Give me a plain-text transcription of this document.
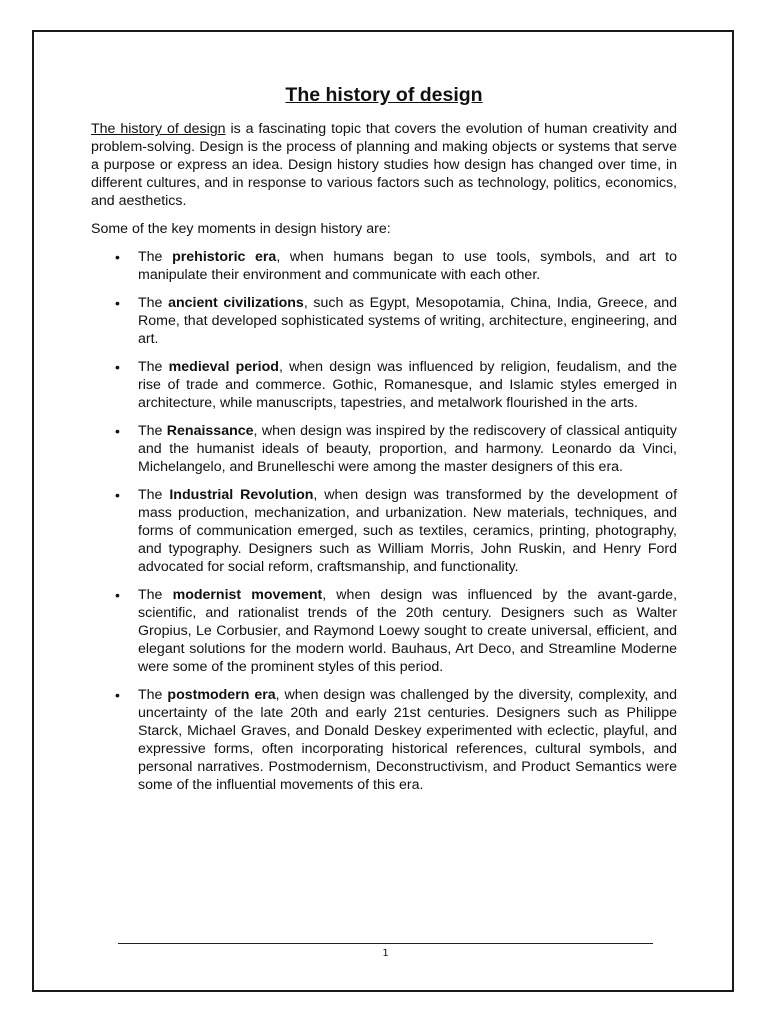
The history of design

The history of design is a fascinating topic that covers the evolution of human creativity and problem-solving. Design is the process of planning and making objects or systems that serve a purpose or express an idea. Design history studies how design has changed over time, in different cultures, and in response to various factors such as technology, politics, economics, and aesthetics.

Some of the key moments in design history are:

• The prehistoric era, when humans began to use tools, symbols, and art to manipulate their environment and communicate with each other.
• The ancient civilizations, such as Egypt, Mesopotamia, China, India, Greece, and Rome, that developed sophisticated systems of writing, architecture, engineering, and art.
• The medieval period, when design was influenced by religion, feudalism, and the rise of trade and commerce. Gothic, Romanesque, and Islamic styles emerged in architecture, while manuscripts, tapestries, and metalwork flourished in the arts.
• The Renaissance, when design was inspired by the rediscovery of classical antiquity and the humanist ideals of beauty, proportion, and harmony. Leonardo da Vinci, Michelangelo, and Brunelleschi were among the master designers of this era.
• The Industrial Revolution, when design was transformed by the development of mass production, mechanization, and urbanization. New materials, techniques, and forms of communication emerged, such as textiles, ceramics, printing, photography, and typography. Designers such as William Morris, John Ruskin, and Henry Ford advocated for social reform, craftsmanship, and functionality.
• The modernist movement, when design was influenced by the avant-garde, scientific, and rationalist trends of the 20th century. Designers such as Walter Gropius, Le Corbusier, and Raymond Loewy sought to create universal, efficient, and elegant solutions for the modern world. Bauhaus, Art Deco, and Streamline Moderne were some of the prominent styles of this period.
• The postmodern era, when design was challenged by the diversity, complexity, and uncertainty of the late 20th and early 21st centuries. Designers such as Philippe Starck, Michael Graves, and Donald Deskey experimented with eclectic, playful, and expressive forms, often incorporating historical references, cultural symbols, and personal narratives. Postmodernism, Deconstructivism, and Product Semantics were some of the influential movements of this era.
1
